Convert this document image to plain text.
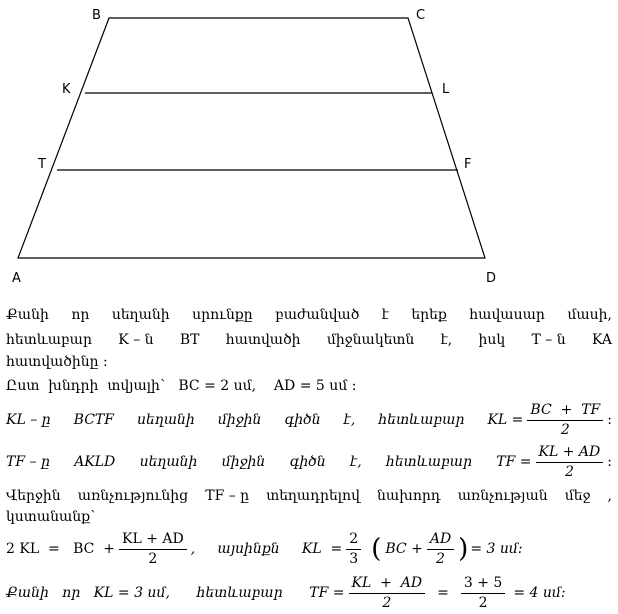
B	C
K	L
T	F
A	D
Քանի որ սեղանի սրունքը բաժանված է երեք հավասար մասի,
հետևաբար K – ն BT հատվածի միջնակետն է, իսկ T – ն KA
հատվածինը :
Ըստ  խնդրի  տվյալի՝   BC = 2 սմ,    AD = 5 սմ :
KL – ը BCTF սեղանի միջին գիծն է, հետևաբար KL = $\frac{BC + TF}{2}$ :
TF – ը AKLD սեղանի միջին գիծն է, հետևաբար TF = $\frac{KL + AD}{2}$ :
Վերջին առնչությունից TF – ը տեղադրելով նախորդ առնչության մեջ ,
կստանանք՝
2 KL  =   BC  + $\frac{KL + AD}{2}$ ,     այսինքն     KL  = $\frac{2}{3}$ ( BC + $\frac{AD}{2}$ ) = 3 սմ:
Քանի   որ   KL = 3 սմ,      հետևաբար      TF = $\frac{KL + AD}{2} = \frac{3 + 5}{2} = 4$ սմ:
